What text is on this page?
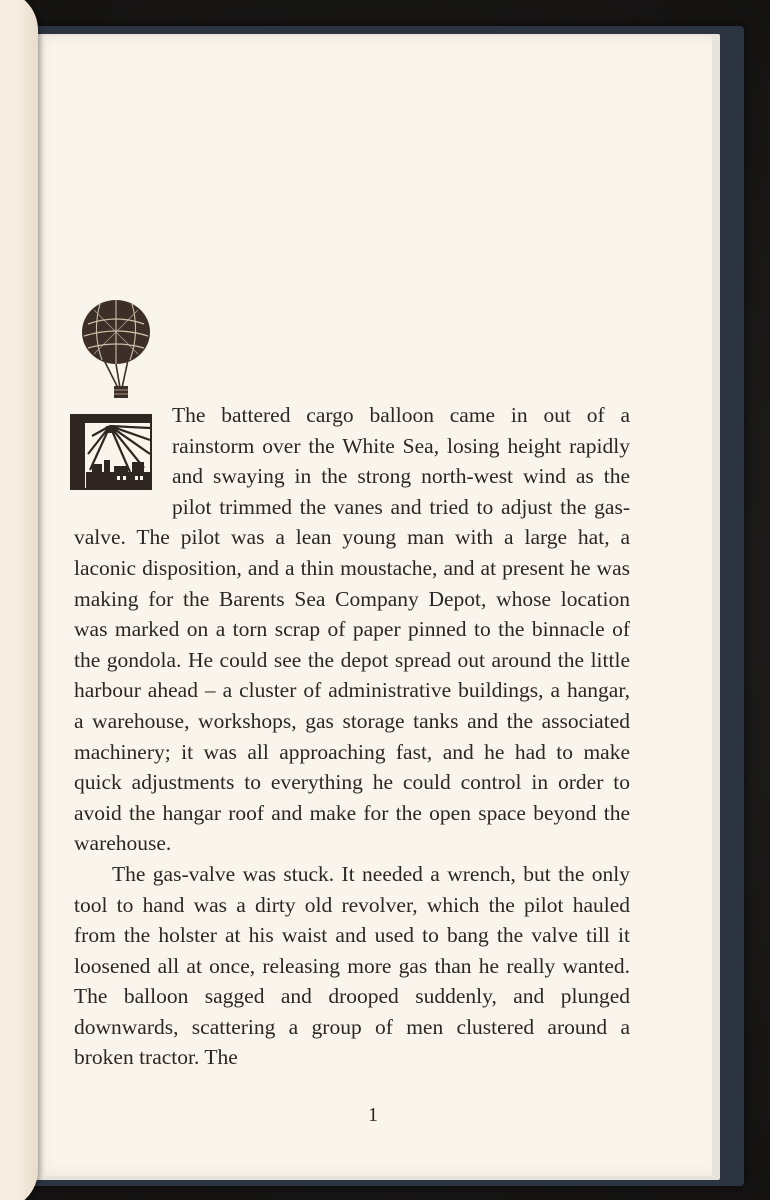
The battered cargo balloon came in out of a rainstorm over the White Sea, losing height rapidly and swaying in the strong north-west wind as the pilot trimmed the vanes and tried to adjust the gas-valve. The pilot was a lean young man with a large hat, a laconic disposition, and a thin moustache, and at present he was making for the Barents Sea Company Depot, whose location was marked on a torn scrap of paper pinned to the binnacle of the gondola. He could see the depot spread out around the little harbour ahead – a cluster of administrative buildings, a hangar, a warehouse, workshops, gas storage tanks and the associated machinery; it was all approaching fast, and he had to make quick adjustments to everything he could control in order to avoid the hangar roof and make for the open space beyond the warehouse.

The gas-valve was stuck. It needed a wrench, but the only tool to hand was a dirty old revolver, which the pilot hauled from the holster at his waist and used to bang the valve till it loosened all at once, releasing more gas than he really wanted. The balloon sagged and drooped suddenly, and plunged downwards, scattering a group of men clustered around a broken tractor. The

1
